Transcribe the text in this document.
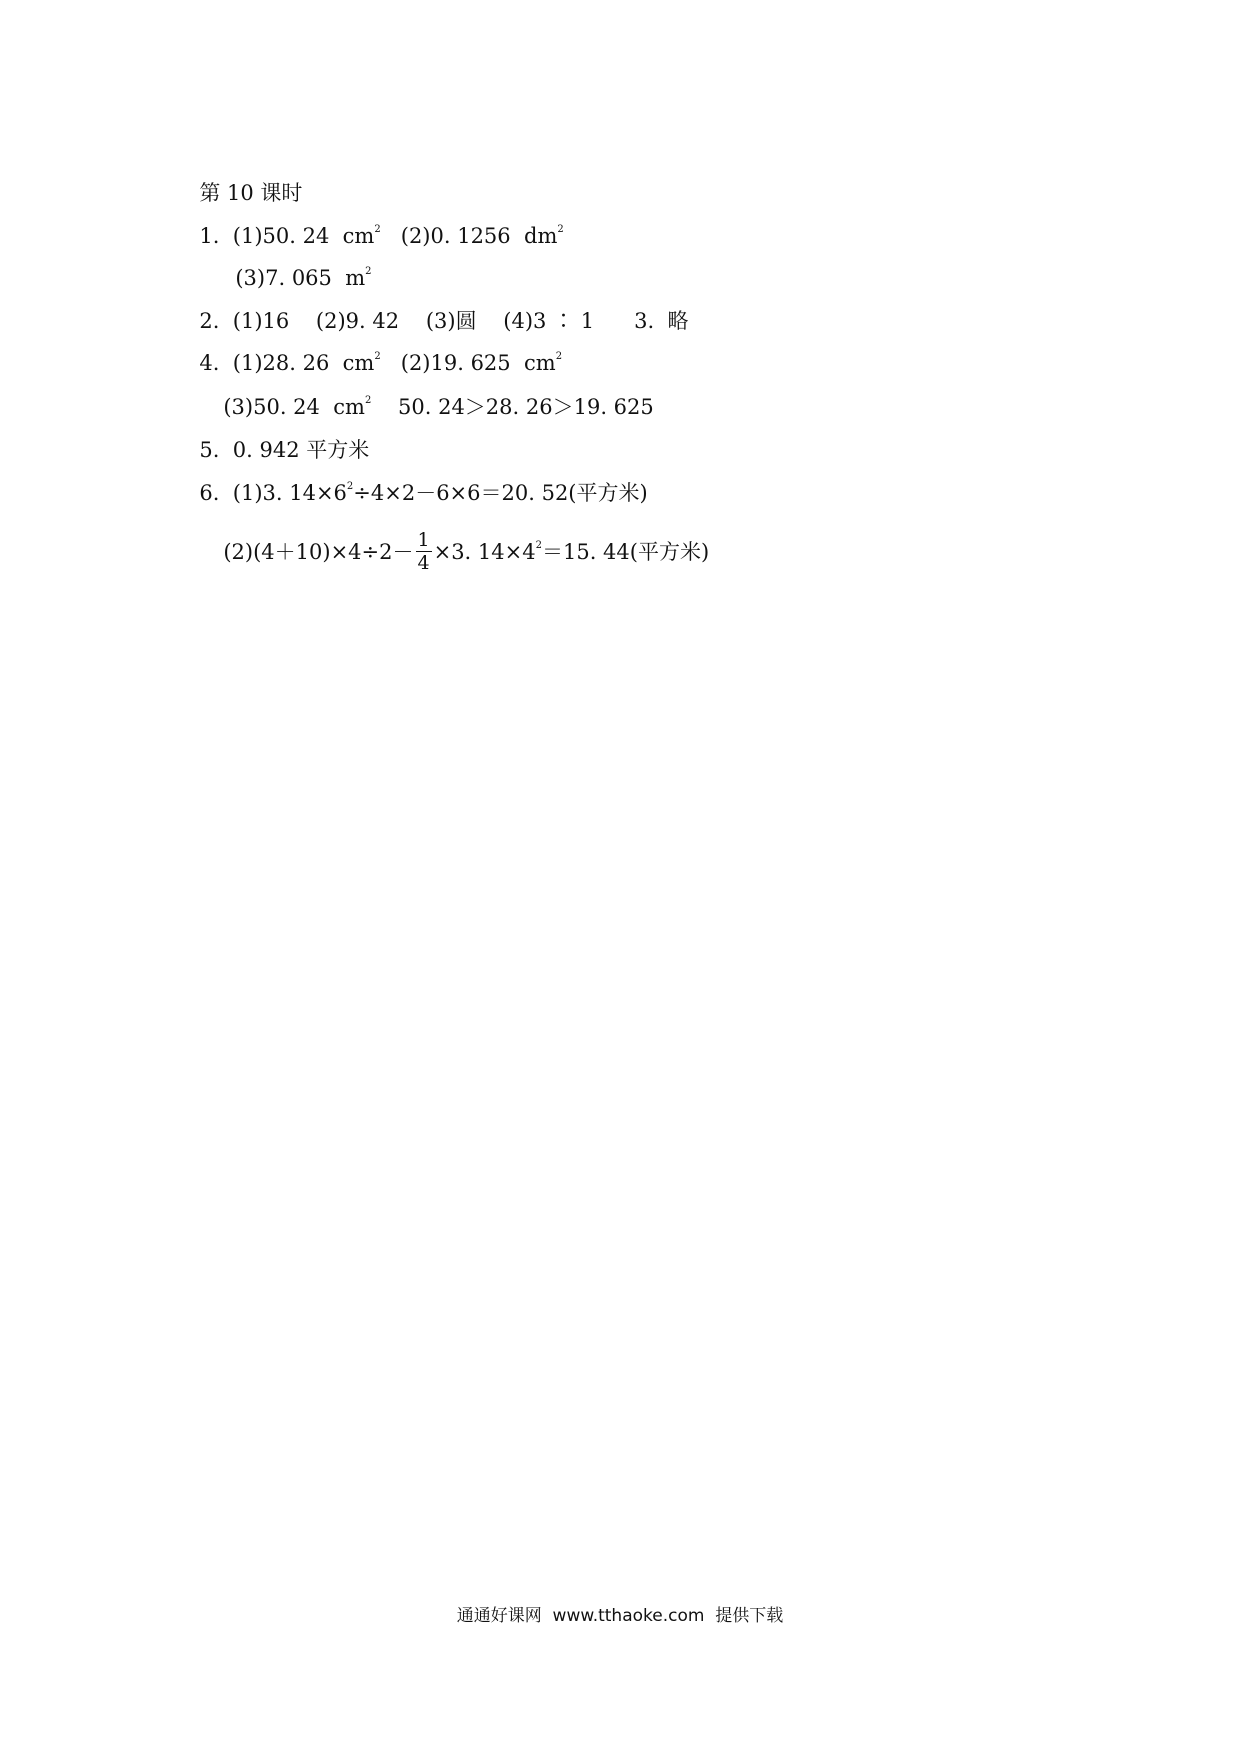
第 10 课时

1. (1)50. 24  $cm^2$ (2)0. 1256  $dm^2$

(3)7. 065  $m^2$

2. (1)16    (2)9. 42    (3)圆    (4)3 ∶ 1      3.  略

4. (1)28. 26  $cm^2$ (2)19. 625  $cm^2$

(3)50. 24  $cm^2$ 50. 24＞28. 26＞19. 625

5. 0. 942 平方米

6. (1)3. $14\times 6^2\div 4\times 2-6\times 6=20$. 52(平方米)

$(2)(4+10)\times 4\div 2- \frac{1}{4} \times 3$. $14\times 4^2=15$. 44(平方米)

通通好课网  www.tthaoke.com  提供下载
